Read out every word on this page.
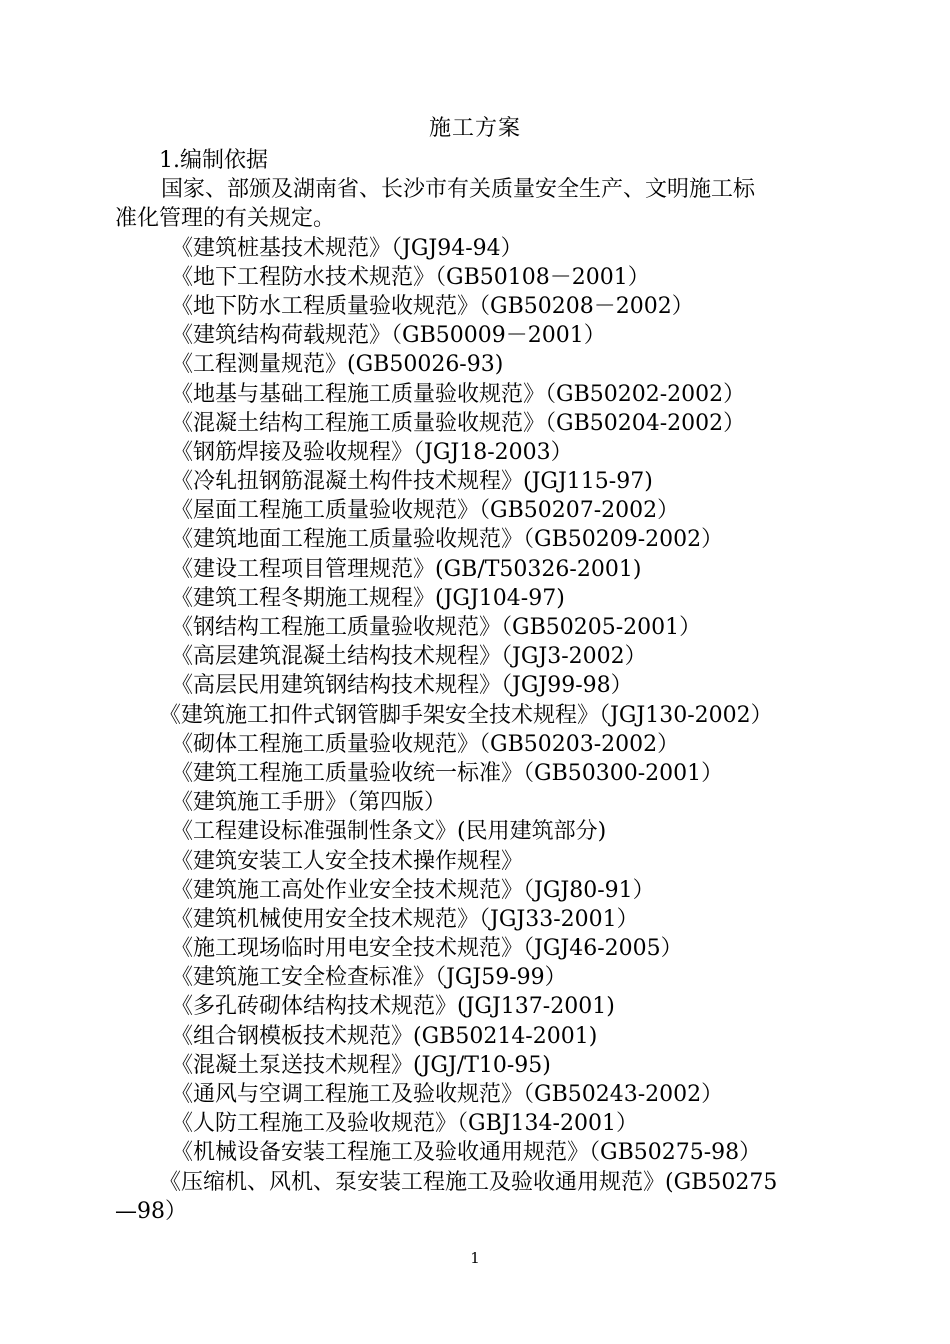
施工方案
1.编制依据
国家、部颁及湖南省、长沙市有关质量安全生产、文明施工标
准化管理的有关规定。
《建筑桩基技术规范》（JGJ94-94）
《地下工程防水技术规范》（GB50108－2001）
《地下防水工程质量验收规范》（GB50208－2002）
《建筑结构荷载规范》（GB50009－2001）
《工程测量规范》(GB50026-93)
《地基与基础工程施工质量验收规范》（GB50202-2002）
《混凝土结构工程施工质量验收规范》（GB50204-2002）
《钢筋焊接及验收规程》（JGJ18-2003）
《冷轧扭钢筋混凝土构件技术规程》(JGJ115-97)
《屋面工程施工质量验收规范》（GB50207-2002）
《建筑地面工程施工质量验收规范》（GB50209-2002）
《建设工程项目管理规范》(GB/T50326-2001)
《建筑工程冬期施工规程》(JGJ104-97)
《钢结构工程施工质量验收规范》（GB50205-2001）
《高层建筑混凝土结构技术规程》（JGJ3-2002）
《高层民用建筑钢结构技术规程》（JGJ99-98）
《建筑施工扣件式钢管脚手架安全技术规程》（JGJ130-2002）
《砌体工程施工质量验收规范》（GB50203-2002）
《建筑工程施工质量验收统一标准》（GB50300-2001）
《建筑施工手册》（第四版）
《工程建设标准强制性条文》(民用建筑部分)
《建筑安装工人安全技术操作规程》
《建筑施工高处作业安全技术规范》（JGJ80-91）
《建筑机械使用安全技术规范》（JGJ33-2001）
《施工现场临时用电安全技术规范》（JGJ46-2005）
《建筑施工安全检查标准》（JGJ59-99）
《多孔砖砌体结构技术规范》(JGJ137-2001)
《组合钢模板技术规范》(GB50214-2001)
《混凝土泵送技术规程》(JGJ/T10-95)
《通风与空调工程施工及验收规范》（GB50243-2002）
《人防工程施工及验收规范》（GBJ134-2001）
《机械设备安装工程施工及验收通用规范》（GB50275-98）
《压缩机、风机、泵安装工程施工及验收通用规范》(GB50275
—98）
1
